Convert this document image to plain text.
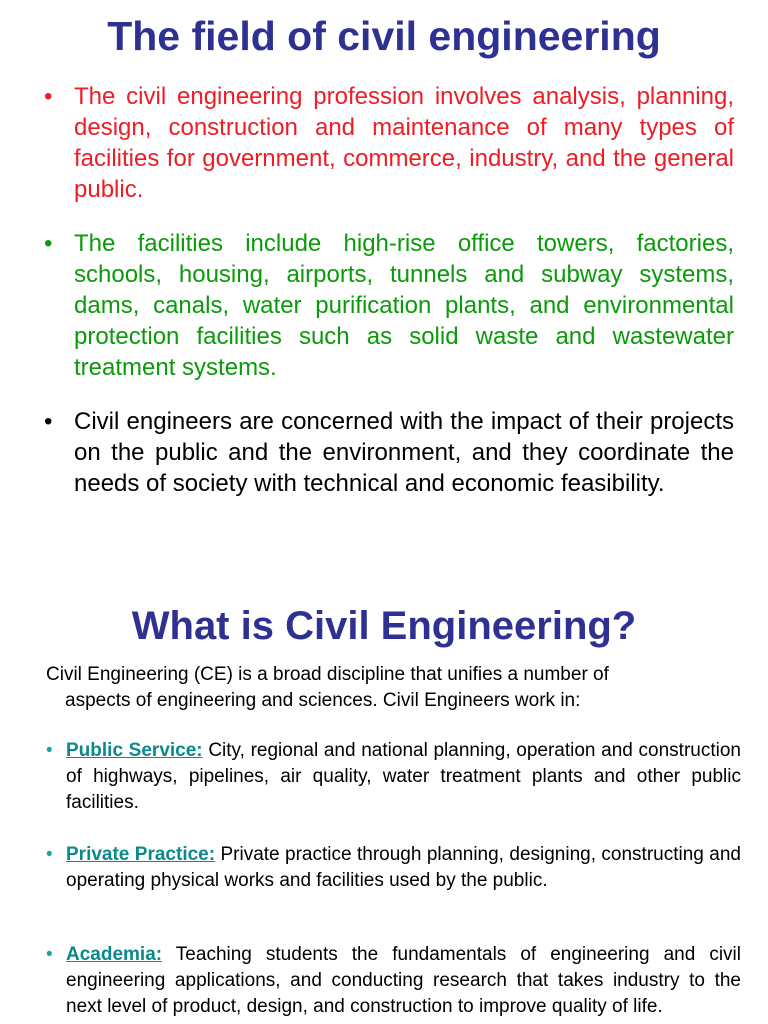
The field of civil engineering
• The civil engineering profession involves analysis, planning, design, construction and maintenance of many types of facilities for government, commerce, industry, and the general public.
• The facilities include high-rise office towers, factories, schools, housing, airports, tunnels and subway systems, dams, canals, water purification plants, and environmental protection facilities such as solid waste and wastewater treatment systems.
• Civil engineers are concerned with the impact of their projects on the public and the environment, and they coordinate the needs of society with technical and economic feasibility.
What is Civil Engineering?
Civil Engineering (CE) is a broad discipline that unifies a number of
aspects of engineering and sciences. Civil Engineers work in:
• Public Service: City, regional and national planning, operation and construction of highways, pipelines, air quality, water treatment plants and other public facilities.
• Private Practice: Private practice through planning, designing, constructing and operating physical works and facilities used by the public.
• Academia: Teaching students the fundamentals of engineering and civil engineering applications, and conducting research that takes industry to the next level of product, design, and construction to improve quality of life.
